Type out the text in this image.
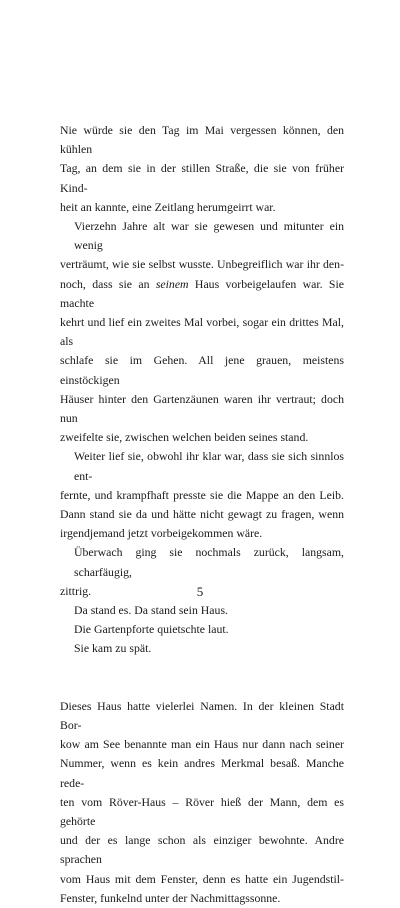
Nie würde sie den Tag im Mai vergessen können, den kühlen
Tag, an dem sie in der stillen Straße, die sie von früher Kind-
heit an kannte, eine Zeitlang herumgeirrt war.

Vierzehn Jahre alt war sie gewesen und mitunter ein wenig
verträumt, wie sie selbst wusste. Unbegreiflich war ihr den-
noch, dass sie an seinem Haus vorbeigelaufen war. Sie machte
kehrt und lief ein zweites Mal vorbei, sogar ein drittes Mal, als
schlafe sie im Gehen. All jene grauen, meistens einstöckigen
Häuser hinter den Gartenzäunen waren ihr vertraut; doch nun
zweifelte sie, zwischen welchen beiden seines stand.

Weiter lief sie, obwohl ihr klar war, dass sie sich sinnlos ent-
fernte, und krampfhaft presste sie die Mappe an den Leib.
Dann stand sie da und hätte nicht gewagt zu fragen, wenn
irgendjemand jetzt vorbeigekommen wäre.

Überwach ging sie nochmals zurück, langsam, scharfäugig,
zittrig.

Da stand es. Da stand sein Haus.

Die Gartenpforte quietschte laut.

Sie kam zu spät.

Dieses Haus hatte vielerlei Namen. In der kleinen Stadt Bor-
kow am See benannte man ein Haus nur dann nach seiner
Nummer, wenn es kein andres Merkmal besaß. Manche rede-
ten vom Röver-Haus – Röver hieß der Mann, dem es gehörte
und der es lange schon als einziger bewohnte. Andre sprachen
vom Haus mit dem Fenster, denn es hatte ein Jugendstil-
Fenster, funkelnd unter der Nachmittagssonne.

5
